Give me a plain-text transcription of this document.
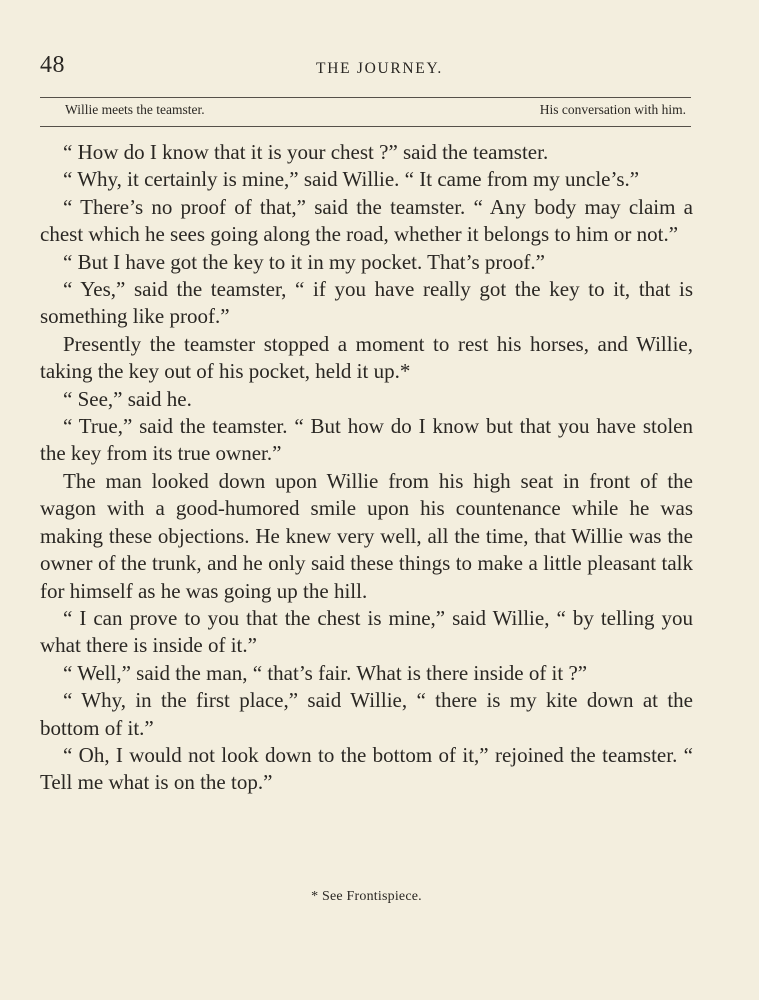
48	THE JOURNEY.
Willie meets the teamster.	His conversation with him.

“ How do I know that it is your chest ?” said the teamster.

“ Why, it certainly is mine,” said Willie. “ It came from my uncle’s.”

“ There’s no proof of that,” said the teamster. “ Any body may claim a chest which he sees going along the road, whether it belongs to him or not.”

“ But I have got the key to it in my pocket. That’s proof.”

“ Yes,” said the teamster, “ if you have really got the key to it, that is something like proof.”

Presently the teamster stopped a moment to rest his horses, and Willie, taking the key out of his pocket, held it up.*

“ See,” said he.

“ True,” said the teamster. “ But how do I know but that you have stolen the key from its true owner.”

The man looked down upon Willie from his high seat in front of the wagon with a good-humored smile upon his countenance while he was making these objections. He knew very well, all the time, that Willie was the owner of the trunk, and he only said these things to make a little pleasant talk for himself as he was going up the hill.

“ I can prove to you that the chest is mine,” said Willie, “ by telling you what there is inside of it.”

“ Well,” said the man, “ that’s fair. What is there inside of it ?”

“ Why, in the first place,” said Willie, “ there is my kite down at the bottom of it.”

“ Oh, I would not look down to the bottom of it,” rejoined the teamster. “ Tell me what is on the top.”

* See Frontispiece.
